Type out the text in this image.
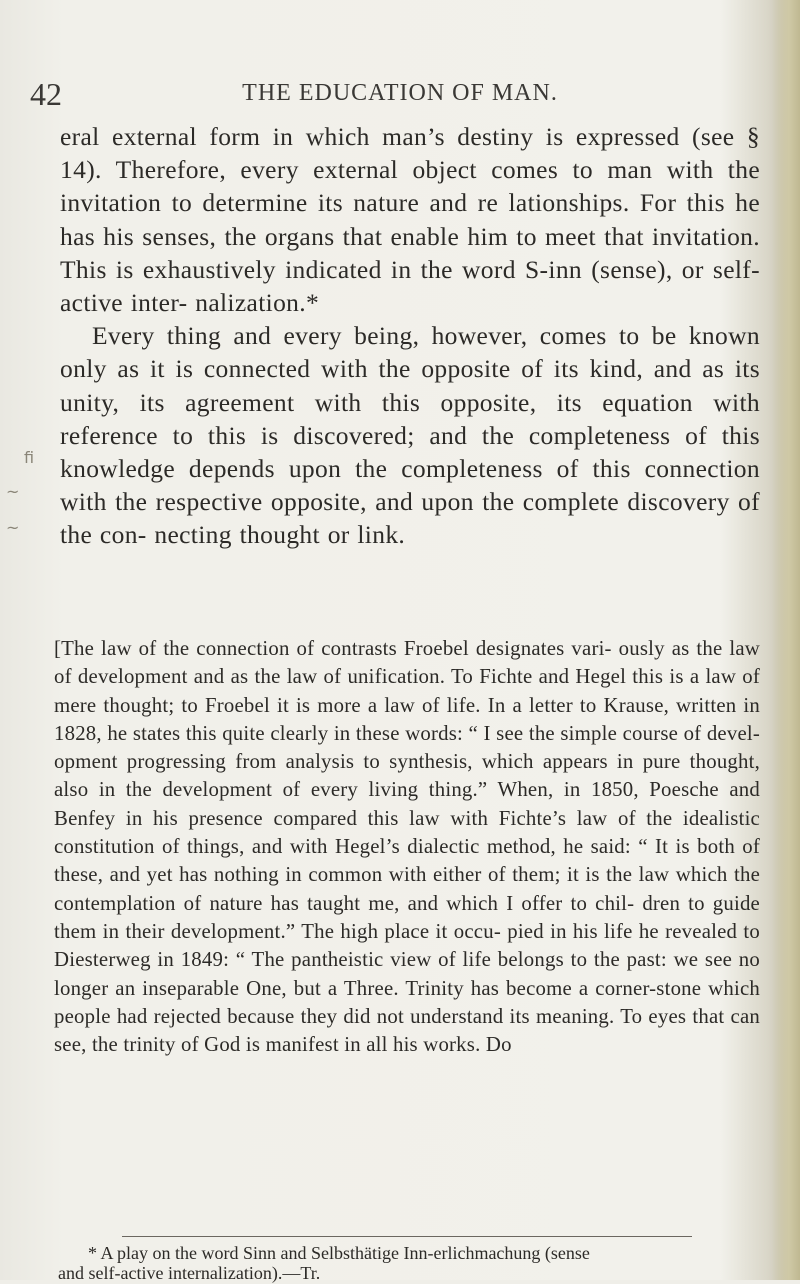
42	THE EDUCATION OF MAN.

eral external form in which man’s destiny is expressed (see § 14). Therefore, every external object comes to man with the invitation to determine its nature and re lationships. For this he has his senses, the organs that enable him to meet that invitation. This is exhaustively indicated in the word S-inn (sense), or self-active inter- nalization.*

Every thing and every being, however, comes to be known only as it is connected with the opposite of its kind, and as its unity, its agreement with this opposite, its equation with reference to this is discovered; and the completeness of this knowledge depends upon the completeness of this connection with the respective opposite, and upon the complete discovery of the con- necting thought or link.

[The law of the connection of contrasts Froebel designates vari- ously as the law of development and as the law of unification. To Fichte and Hegel this is a law of mere thought; to Froebel it is more a law of life. In a letter to Krause, written in 1828, he states this quite clearly in these words: “ I see the simple course of devel- opment progressing from analysis to synthesis, which appears in pure thought, also in the development of every living thing.” When, in 1850, Poesche and Benfey in his presence compared this law with Fichte’s law of the idealistic constitution of things, and with Hegel’s dialectic method, he said: “ It is both of these, and yet has nothing in common with either of them; it is the law which the contemplation of nature has taught me, and which I offer to chil- dren to guide them in their development.” The high place it occu- pied in his life he revealed to Diesterweg in 1849: “ The pantheistic view of life belongs to the past: we see no longer an inseparable One, but a Three. Trinity has become a corner-stone which people had rejected because they did not understand its meaning. To eyes that can see, the trinity of God is manifest in all his works. Do
ﬁ
~
~
* A play on the word Sinn and Selbsthätige Inn-erlichmachung (sense
and self-active internalization).—Tr.
